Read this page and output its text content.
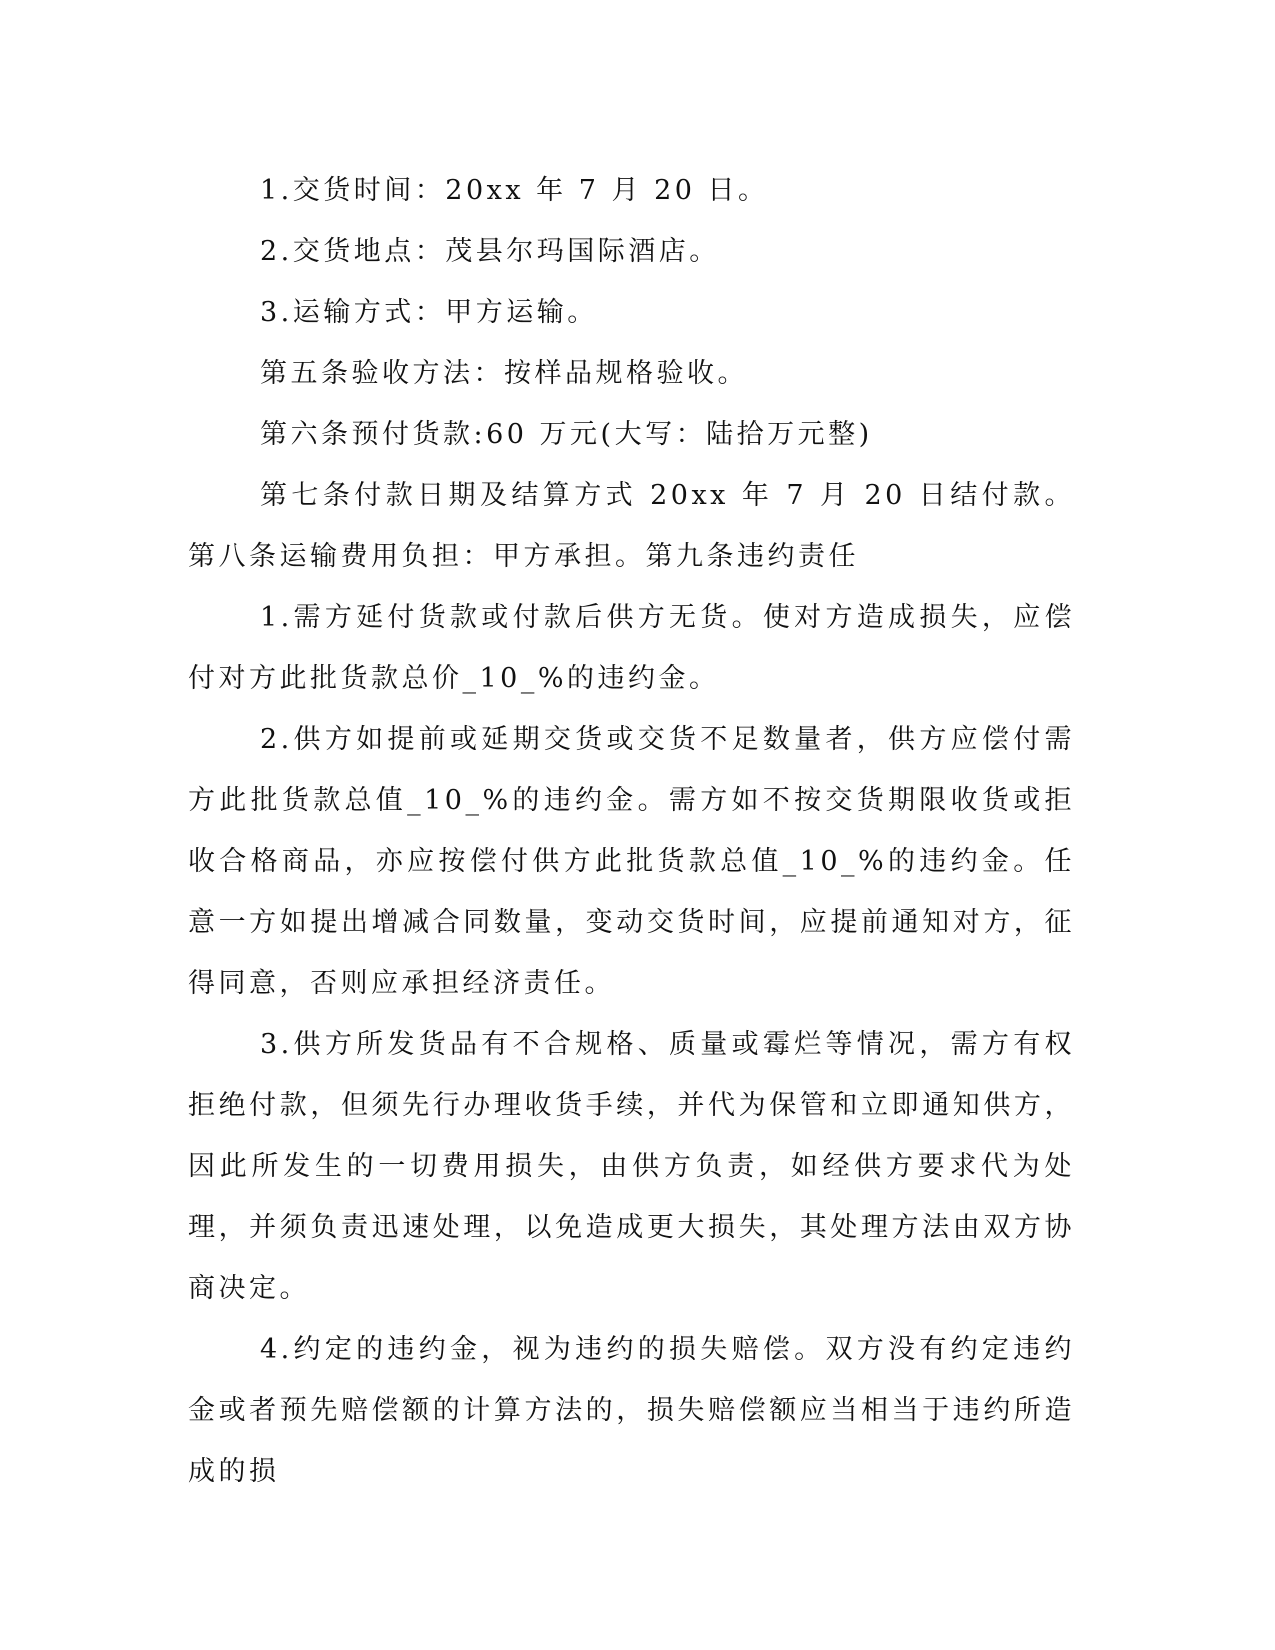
1.交货时间：20xx 年 7 月 20 日。

2.交货地点：茂县尔玛国际酒店。

3.运输方式：甲方运输。

第五条验收方法：按样品规格验收。

第六条预付货款:60 万元(大写：陆拾万元整)

第七条付款日期及结算方式 20xx 年 7 月 20 日结付款。第八条运输费用负担：甲方承担。第九条违约责任

1.需方延付货款或付款后供方无货。使对方造成损失，应偿付对方此批货款总价_10_%的违约金。

2.供方如提前或延期交货或交货不足数量者，供方应偿付需方此批货款总值_10_%的违约金。需方如不按交货期限收货或拒收合格商品，亦应按偿付供方此批货款总值_10_%的违约金。任意一方如提出增减合同数量，变动交货时间，应提前通知对方，征得同意，否则应承担经济责任。

3.供方所发货品有不合规格、质量或霉烂等情况，需方有权拒绝付款，但须先行办理收货手续，并代为保管和立即通知供方，因此所发生的一切费用损失，由供方负责，如经供方要求代为处理，并须负责迅速处理，以免造成更大损失，其处理方法由双方协商决定。

4.约定的违约金，视为违约的损失赔偿。双方没有约定违约金或者预先赔偿额的计算方法的，损失赔偿额应当相当于违约所造成的损
